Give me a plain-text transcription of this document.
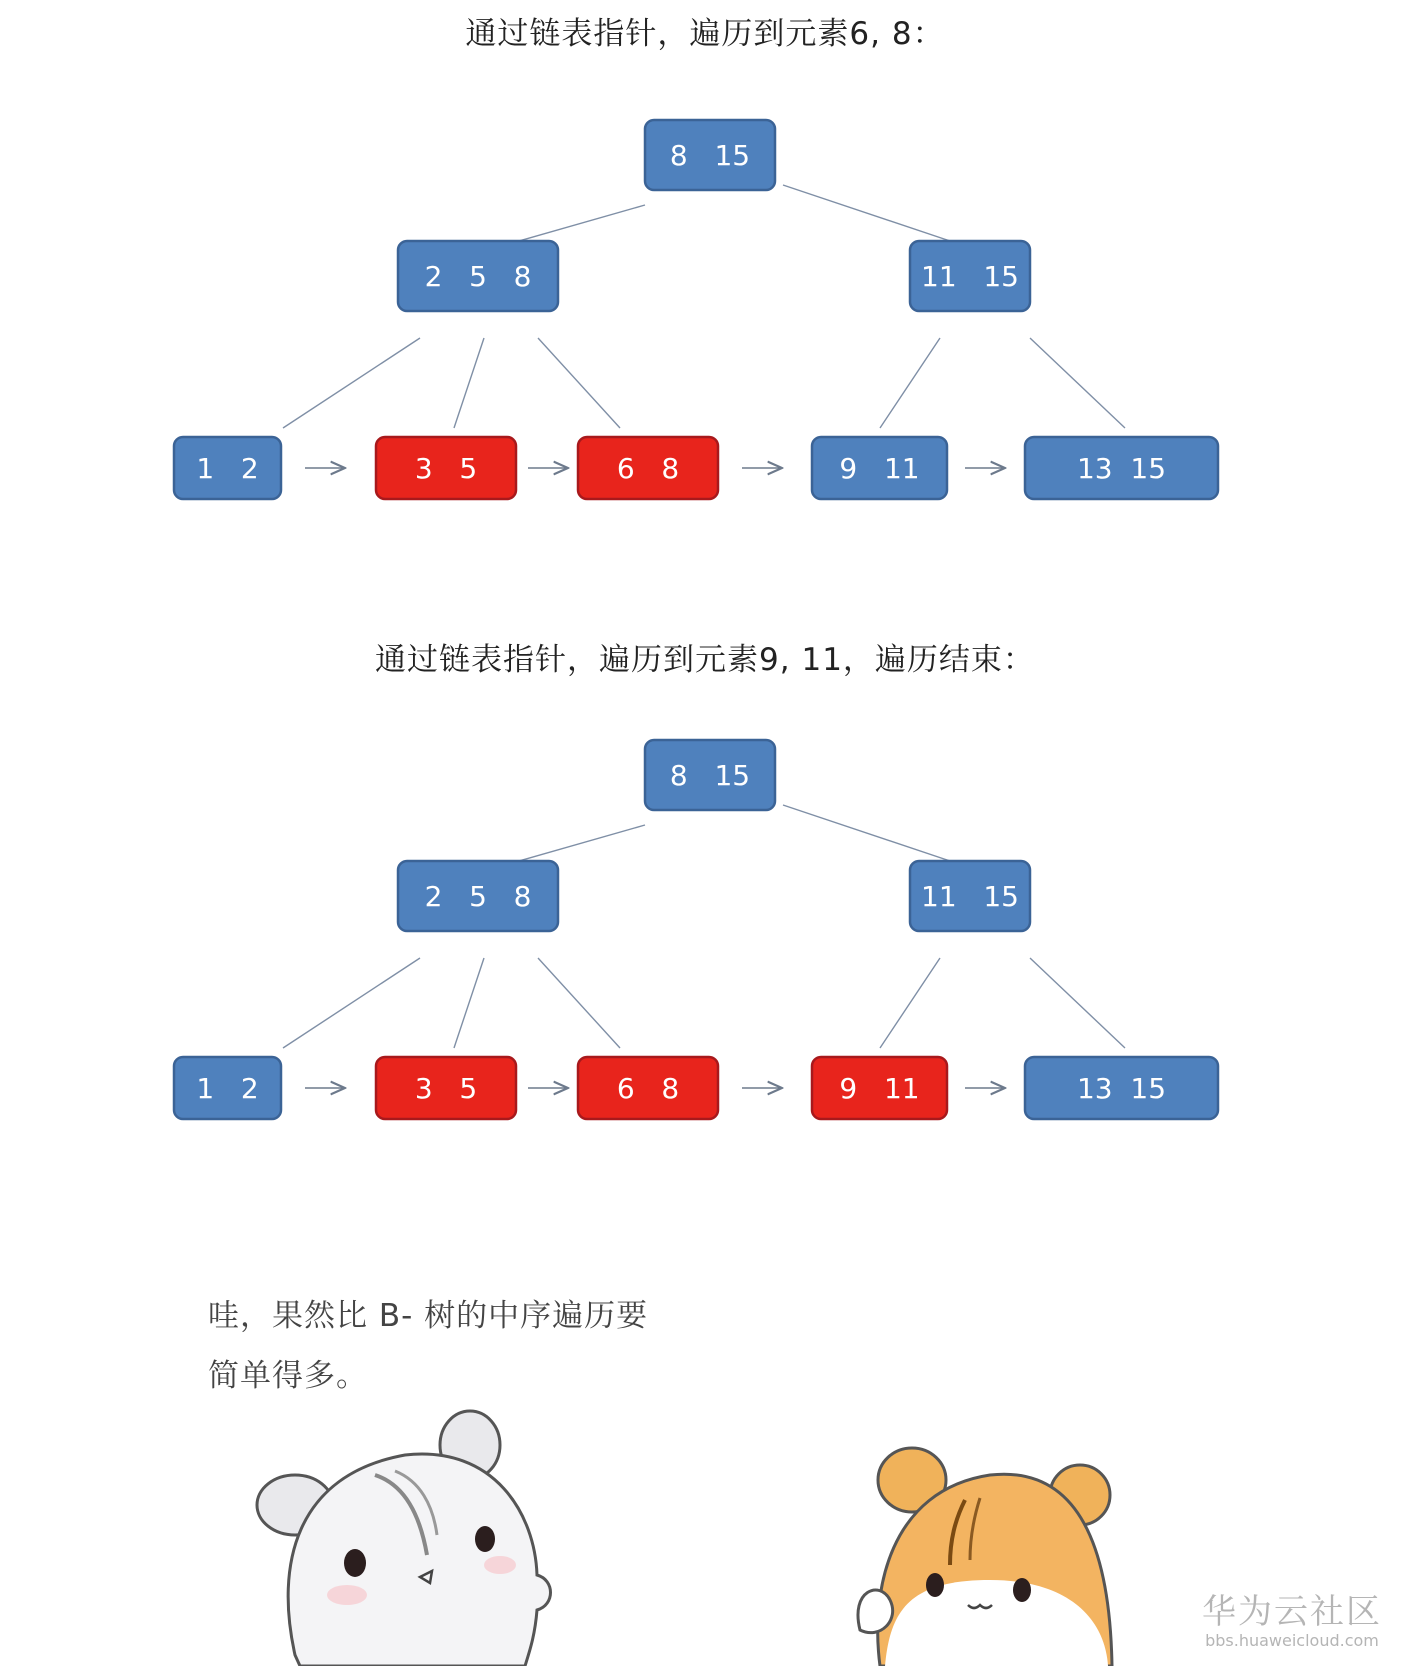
通过链表指针，遍历到元素6, 8：
8   15
2   5   8	11   15
1   2	3   5	6   8	9   11	13  15
通过链表指针，遍历到元素9, 11，遍历结束：
8   15
2   5   8	11   15
1   2	3   5	6   8	9   11	13  15
哇，果然比 B- 树的中序遍历要
简单得多。
华为云社区
bbs.huaweicloud.com
